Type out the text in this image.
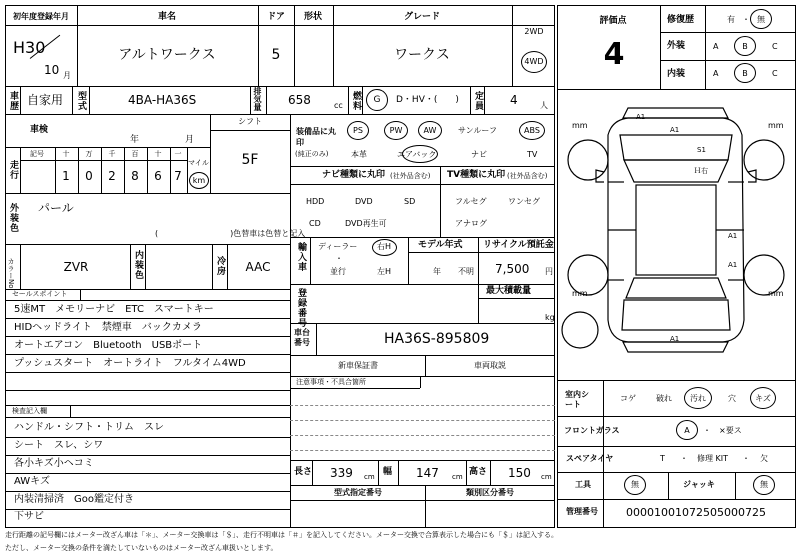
初年度登録年月
H30
10 月
車名
アルトワークス
ドア
5
形状	グレード
ワークス
2WD
4WD
車歴 自家用 型式	4BA-HA36S	排気量 658	cc 燃料 G D・HV・(　　) 定員 4	人
車検
年	月
シフト
5F
走行
記号	十 万 千 百 十 一
1 0 2 8 6 7
マイル
km
外装色 パール
(　　　　　　　　　)色替車は色替と記入
カラーNo.	ZVR	内装色	冷房 AAC
セールスポイント
5速MT　メモリーナビ　ETC　スマートキー
HIDヘッドライト　禁煙車　バックカメラ
オートエアコン　Bluetooth　USBポート
プッシュスタート　オートライト　フルタイム4WD
検査記入欄
ハンドル・シフト・トリム　スレ
シート　スレ、シワ
各小キズ小ヘコミ
AWキズ
内装清掃済　Goo鑑定付き
下サビ
装備品に丸印
(純正のみ)
PS	PW	AW	サンルーフ	ABS
本革	エアバック	ナビ	TV
ナビ種類に丸印 (社外品含む) TV種類に丸印 (社外品含む)
HDD	DVD	SD
CD	DVD再生可
フルセグ	ワンセグ
アナログ
輸入車 ディーラー
・
並行
右H
左H
モデル年式
年 不明
リサイクル預託金
7,500 円
登録番号	最大積載量
kg
車台番号	HA36S-895809
新車保証書	車両取説
注意事項・不具合箇所
長さ 339 cm 幅 147 cm 高さ 150 cm
型式指定番号	類別区分番号
評価点
4
修復歴	有 ・ 無
外装	A	B	C
内装	A	B	C
mm	mm
mm	mm
A1
A1
S1
Ｈ右
A1
A1
A1
室内シート
コゲ	破れ 汚れ	穴 キズ
フロントガラス	A ・　×要ス
スペアタイヤ	T ・ 修理 KIT ・ 欠
工具	無	ジャッキ	無
管理番号	00001001072505000725
走行距離の記号欄にはメーター改ざん車は「＊」、メーター交換車は「＄」、走行不明車は「＃」を記入してください。メーター交換で合算表示した場合にも「＄」は記入する。
ただし、メーター交換の条件を満たしていないものはメーター改ざん車扱いとします。
